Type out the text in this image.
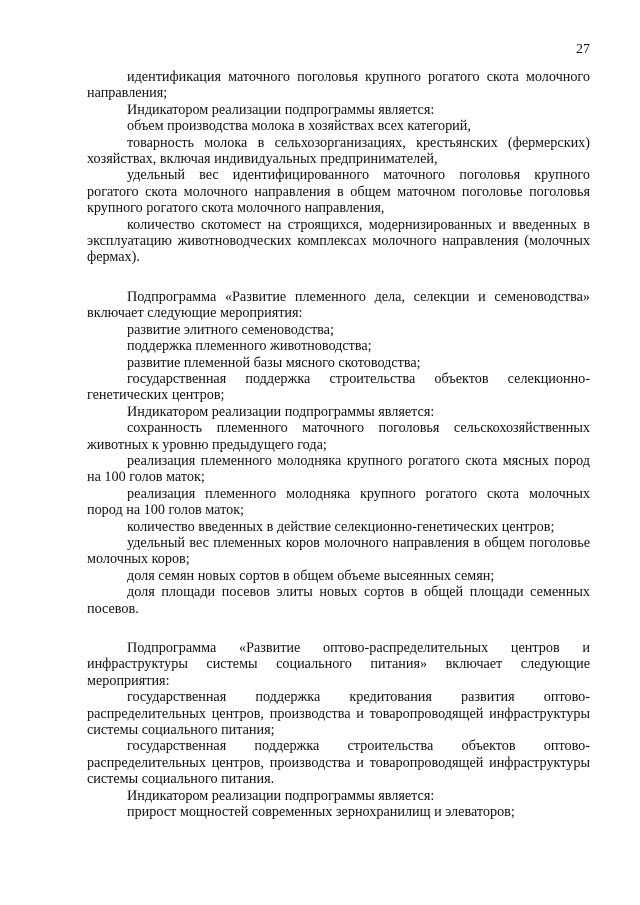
27

идентификация маточного поголовья крупного рогатого скота молочного направления;

Индикатором реализации подпрограммы является:

объем производства молока в хозяйствах всех категорий,

товарность молока в сельхозорганизациях, крестьянских (фермерских) хозяйствах, включая индивидуальных предпринимателей,

удельный вес идентифицированного маточного поголовья крупного рогатого скота молочного направления в общем маточном поголовье поголовья крупного рогатого скота молочного направления,

количество скотомест на строящихся, модернизированных и введенных в эксплуатацию животноводческих комплексах молочного направления (молочных фермах).

Подпрограмма «Развитие племенного дела, селекции и семеноводства» включает следующие мероприятия:

развитие элитного семеноводства;

поддержка племенного животноводства;

развитие племенной базы мясного скотоводства;

государственная поддержка строительства объектов селекционно-генетических центров;

Индикатором реализации подпрограммы является:

сохранность племенного маточного поголовья сельскохозяйственных животных к уровню предыдущего года;

реализация племенного молодняка крупного рогатого скота мясных пород на 100 голов маток;

реализация племенного молодняка крупного рогатого скота молочных пород на 100 голов маток;

количество введенных в действие селекционно-генетических центров;

удельный вес племенных коров молочного направления в общем поголовье молочных коров;

доля семян новых сортов в общем объеме высеянных семян;

доля площади посевов элиты новых сортов в общей площади семенных посевов.

Подпрограмма «Развитие оптово-распределительных центров и инфраструктуры системы социального питания» включает следующие мероприятия:

государственная поддержка кредитования развития оптово-распределительных центров, производства и товаропроводящей инфраструктуры системы социального питания;

государственная поддержка строительства объектов оптово-распределительных центров, производства и товаропроводящей инфраструктуры системы социального питания.

Индикатором реализации подпрограммы является:

прирост мощностей современных зернохранилищ и элеваторов;
